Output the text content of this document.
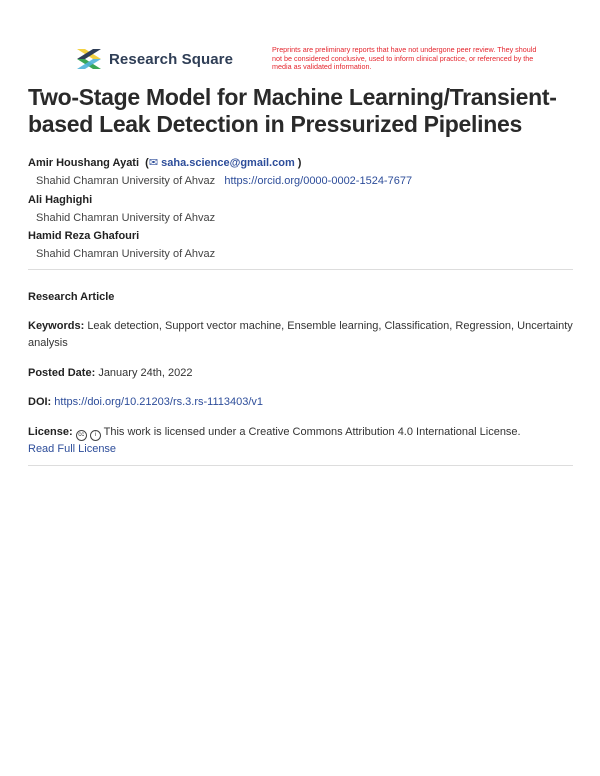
Research Square
Preprints are preliminary reports that have not undergone peer review. They should not be considered conclusive, used to inform clinical practice, or referenced by the media as validated information.
Two-Stage Model for Machine Learning/Transient-based Leak Detection in Pressurized Pipelines
Amir Houshang Ayati  (✉ saha.science@gmail.com )
Shahid Chamran University of Ahvaz https://orcid.org/0000-0002-1524-7677
Ali Haghighi
Shahid Chamran University of Ahvaz
Hamid Reza Ghafouri
Shahid Chamran University of Ahvaz
Research Article
Keywords: Leak detection, Support vector machine, Ensemble learning, Classification, Regression, Uncertainty analysis
Posted Date: January 24th, 2022
DOI: https://doi.org/10.21203/rs.3.rs-1113403/v1
License: cc i This work is licensed under a Creative Commons Attribution 4.0 International License.
Read Full License
